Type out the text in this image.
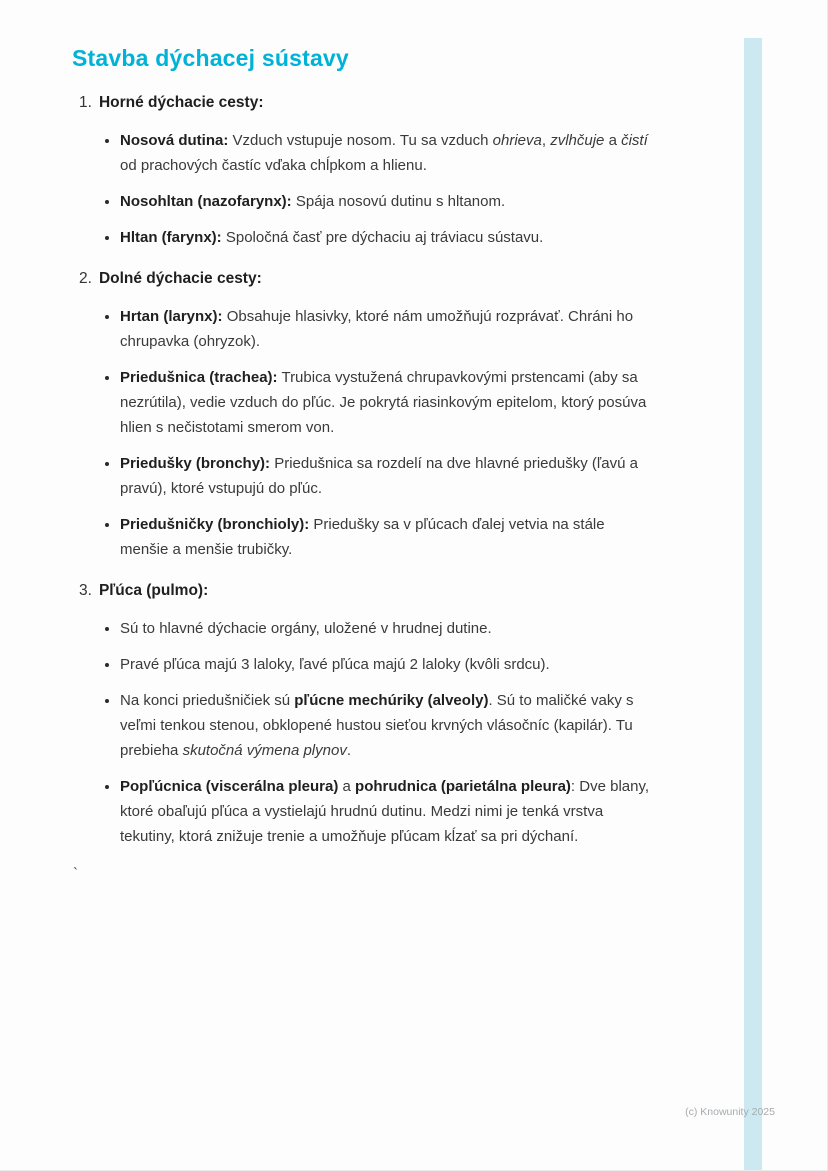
Stavba dýchacej sústavy
1. Horné dýchacie cesty:
• Nosová dutina: Vzduch vstupuje nosom. Tu sa vzduch ohrieva, zvlhčuje a čistí od prachových častíc vďaka chĺpkom a hlienu.
• Nosohltan (nazofarynx): Spája nosovú dutinu s hltanom.
• Hltan (farynx): Spoločná časť pre dýchaciu aj tráviacu sústavu.
2. Dolné dýchacie cesty:
• Hrtan (larynx): Obsahuje hlasivky, ktoré nám umožňujú rozprávať. Chráni ho chrupavka (ohryzok).
• Priedušnica (trachea): Trubica vystužená chrupavkovými prstencami (aby sa nezrútila), vedie vzduch do pľúc. Je pokrytá riasinkovým epitelom, ktorý posúva hlien s nečistotami smerom von.
• Priedušky (bronchy): Priedušnica sa rozdelí na dve hlavné priedušky (ľavú a pravú), ktoré vstupujú do pľúc.
• Priedušničky (bronchioly): Priedušky sa v pľúcach ďalej vetvia na stále menšie a menšie trubičky.
3. Pľúca (pulmo):
• Sú to hlavné dýchacie orgány, uložené v hrudnej dutine.
• Pravé pľúca majú 3 laloky, ľavé pľúca majú 2 laloky (kvôli srdcu).
• Na konci priedušničiek sú pľúcne mechúriky (alveoly). Sú to maličké vaky s veľmi tenkou stenou, obklopené hustou sieťou krvných vlásočníc (kapilár). Tu prebieha skutočná výmena plynov.
• Popľúcnica (viscerálna pleura) a pohrudnica (parietálna pleura): Dve blany, ktoré obaľujú pľúca a vystielajú hrudnú dutinu. Medzi nimi je tenká vrstva tekutiny, ktorá znižuje trenie a umožňuje pľúcam kĺzať sa pri dýchaní.
`
(c) Knowunity 2025
